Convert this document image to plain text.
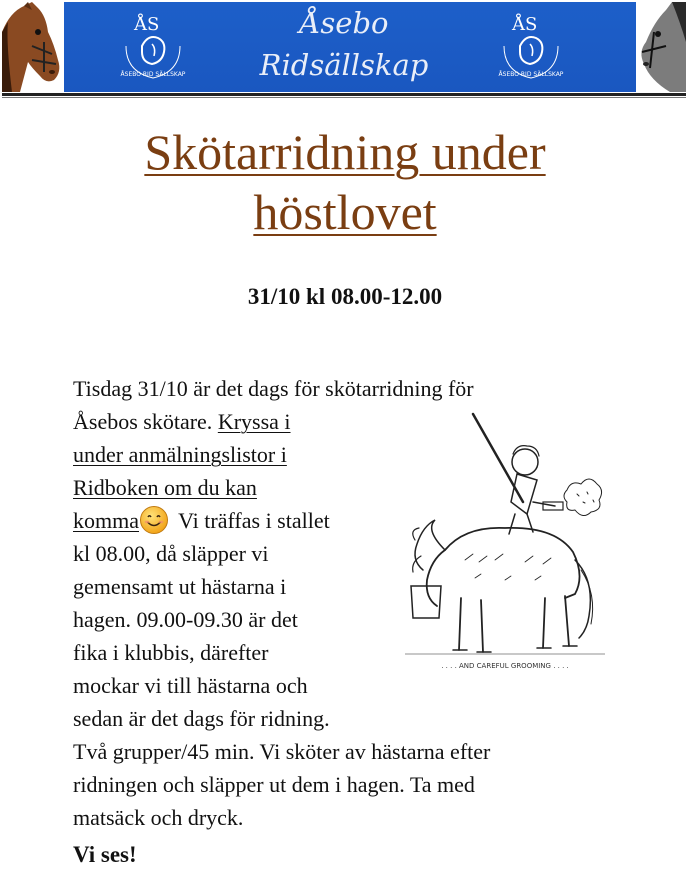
ÅS
ÅSEBO RID SÄLLSKAP
Åsebo
Ridsällskap
ÅS
ÅSEBO RID SÄLLSKAP
Skötarridning under
höstlovet

31/10 kl 08.00-12.00

Tisdag 31/10 är det dags för skötarridning för
Åsebos skötare. Kryssa i
under anmälningslistor i
Ridboken om du kan
komma Vi träffas i stallet
kl 08.00, då släpper vi
gemensamt ut hästarna i
hagen. 09.00-09.30 är det
fika i klubbis, därefter
mockar vi till hästarna och
sedan är det dags för ridning.
Två grupper/45 min. Vi sköter av hästarna efter
ridningen och släpper ut dem i hagen. Ta med
matsäck och dryck.
. . . . AND CAREFUL GROOMING . . . .

Vi ses!
